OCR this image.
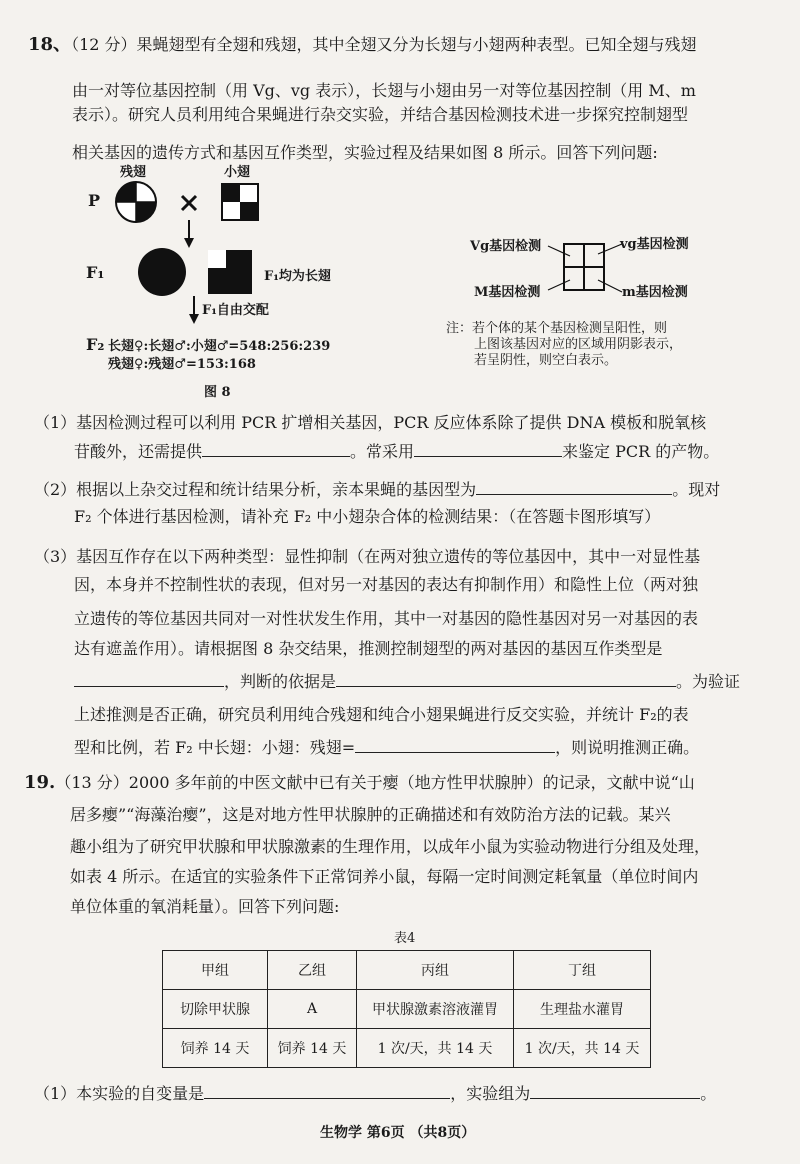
18、（12 分）果蝇翅型有全翅和残翅，其中全翅又分为长翅与小翅两种表型。已知全翅与残翅
由一对等位基因控制（用 Vg、vg 表示），长翅与小翅由另一对等位基因控制（用 M、m
表示）。研究人员利用纯合果蝇进行杂交实验，并结合基因检测技术进一步探究控制翅型
相关基因的遗传方式和基因互作类型，实验过程及结果如图 8 所示。回答下列问题:
残翅	小翅
P
F₁	F₁均为长翅
F₁自由交配
F₂ 长翅♀:长翅♂:小翅♂=548:256:239
残翅♀:残翅♂=153:168
图 8
Vg基因检测	vg基因检测
M基因检测	m基因检测
注：若个体的某个基因检测呈阳性，则
上图该基因对应的区域用阴影表示，
若呈阴性，则空白表示。
（1）基因检测过程可以利用 PCR 扩增相关基因，PCR 反应体系除了提供 DNA 模板和脱氧核
苷酸外，还需提供	。常采用	来鉴定 PCR 的产物。
（2）根据以上杂交过程和统计结果分析，亲本果蝇的基因型为	。现对
F₂ 个体进行基因检测，请补充 F₂ 中小翅杂合体的检测结果：（在答题卡图形填写）
（3）基因互作存在以下两种类型：显性抑制（在两对独立遗传的等位基因中，其中一对显性基
因，本身并不控制性状的表现，但对另一对基因的表达有抑制作用）和隐性上位（两对独
立遗传的等位基因共同对一对性状发生作用，其中一对基因的隐性基因对另一对基因的表
达有遮盖作用）。请根据图 8 杂交结果，推测控制翅型的两对基因的基因互作类型是
，判断的依据是	。为验证
上述推测是否正确，研究员利用纯合残翅和纯合小翅果蝇进行反交实验，并统计 F₂的表
型和比例，若 F₂ 中长翅：小翅：残翅=	，则说明推测正确。
19.（13 分）2000 多年前的中医文献中已有关于瘿（地方性甲状腺肿）的记录，文献中说“山
居多瘿”“海藻治瘿”，这是对地方性甲状腺肿的正确描述和有效防治方法的记载。某兴
趣小组为了研究甲状腺和甲状腺激素的生理作用，以成年小鼠为实验动物进行分组及处理，
如表 4 所示。在适宜的实验条件下正常饲养小鼠，每隔一定时间测定耗氧量（单位时间内
单位体重的氧消耗量）。回答下列问题:
表4
甲组	乙组	丙组	丁组
切除甲状腺	A	甲状腺激素溶液灌胃	生理盐水灌胃
饲养 14 天	饲养 14 天	1 次/天，共 14 天	1 次/天，共 14 天
（1）本实验的自变量是	，实验组为	。
生物学 第6页 （共8页）
